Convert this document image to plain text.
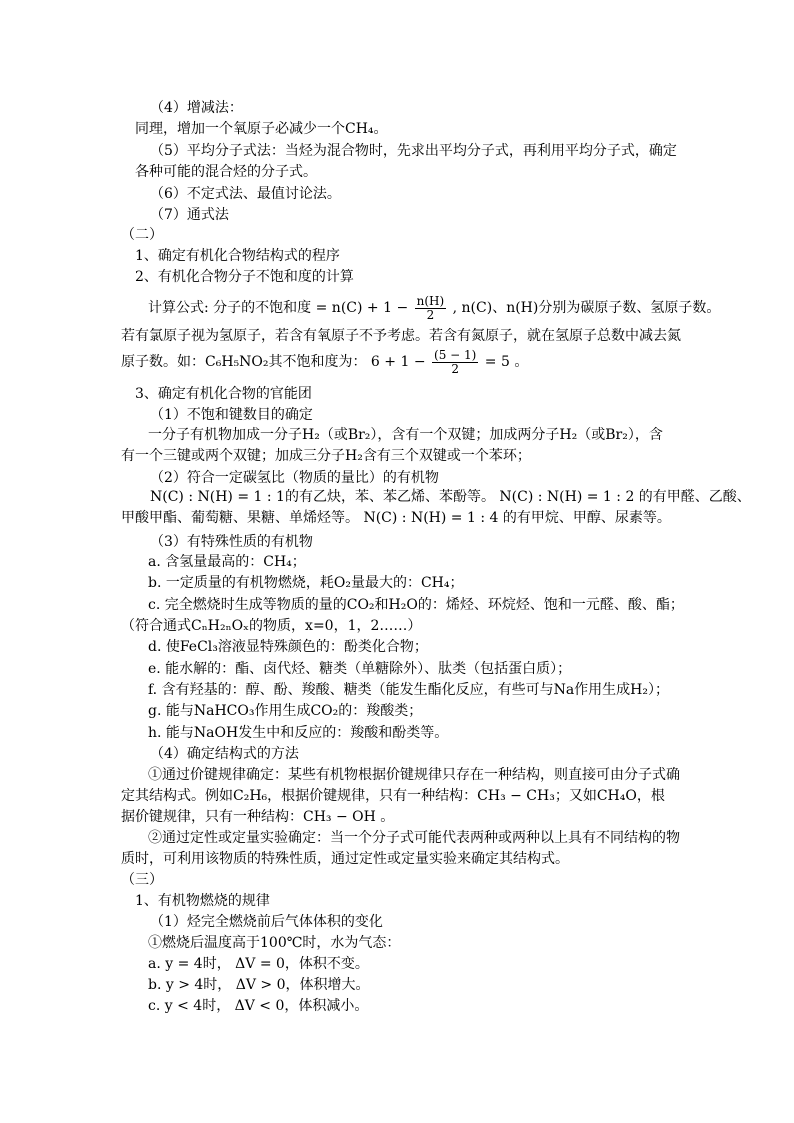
（4）增减法：
同理，增加一个氧原子必减少一个CH₄。
（5）平均分子式法：当烃为混合物时，先求出平均分子式，再利用平均分子式，确定
各种可能的混合烃的分子式。
（6）不定式法、最值讨论法。
（7）通式法
（二）
1、确定有机化合物结构式的程序
2、有机化合物分子不饱和度的计算
计算公式: 分子的不饱和度 = $n(C) + 1 - \frac{n(H)}{2}$ , n(C)、n(H)分别为碳原子数、氢原子数。
若有氯原子视为氢原子，若含有氧原子不予考虑。若含有氮原子，就在氢原子总数中减去氮
原子数。如：C₆H₅NO₂其不饱和度为： $6 + 1 - \frac{(5 - 1)}{2} = 5$ 。
3、确定有机化合物的官能团
（1）不饱和键数目的确定
一分子有机物加成一分子H₂（或Br₂），含有一个双键；加成两分子H₂（或Br₂），含
有一个三键或两个双键；加成三分子H₂含有三个双键或一个苯环；
（2）符合一定碳氢比（物质的量比）的有机物
N(C) : N(H) = 1 : 1的有乙炔，苯、苯乙烯、苯酚等。 N(C) : N(H) = 1 : 2 的有甲醛、乙酸、
甲酸甲酯、葡萄糖、果糖、单烯烃等。 N(C) : N(H) = 1 : 4 的有甲烷、甲醇、尿素等。
（3）有特殊性质的有机物
a. 含氢量最高的：CH₄；
b. 一定质量的有机物燃烧，耗O₂量最大的：CH₄；
c. 完全燃烧时生成等物质的量的CO₂和H₂O的：烯烃、环烷烃、饱和一元醛、酸、酯；
（符合通式CₙH₂ₙOₓ的物质，x=0，1，2……）
d. 使FeCl₃溶液显特殊颜色的：酚类化合物；
e. 能水解的：酯、卤代烃、糖类（单糖除外）、肽类（包括蛋白质）；
f. 含有羟基的：醇、酚、羧酸、糖类（能发生酯化反应，有些可与Na作用生成H₂）；
g. 能与NaHCO₃作用生成CO₂的：羧酸类；
h. 能与NaOH发生中和反应的：羧酸和酚类等。
（4）确定结构式的方法
①通过价键规律确定：某些有机物根据价键规律只存在一种结构，则直接可由分子式确
定其结构式。例如C₂H₆，根据价键规律，只有一种结构：CH₃ − CH₃；又如CH₄O，根
据价键规律，只有一种结构：CH₃ − OH 。
②通过定性或定量实验确定：当一个分子式可能代表两种或两种以上具有不同结构的物
质时，可利用该物质的特殊性质，通过定性或定量实验来确定其结构式。
（三）
1、有机物燃烧的规律
（1）烃完全燃烧前后气体体积的变化
①燃烧后温度高于100℃时，水为气态：
a. y = 4时， ΔV = 0，体积不变。
b. y > 4时， ΔV > 0，体积增大。
c. y < 4时， ΔV < 0，体积减小。
